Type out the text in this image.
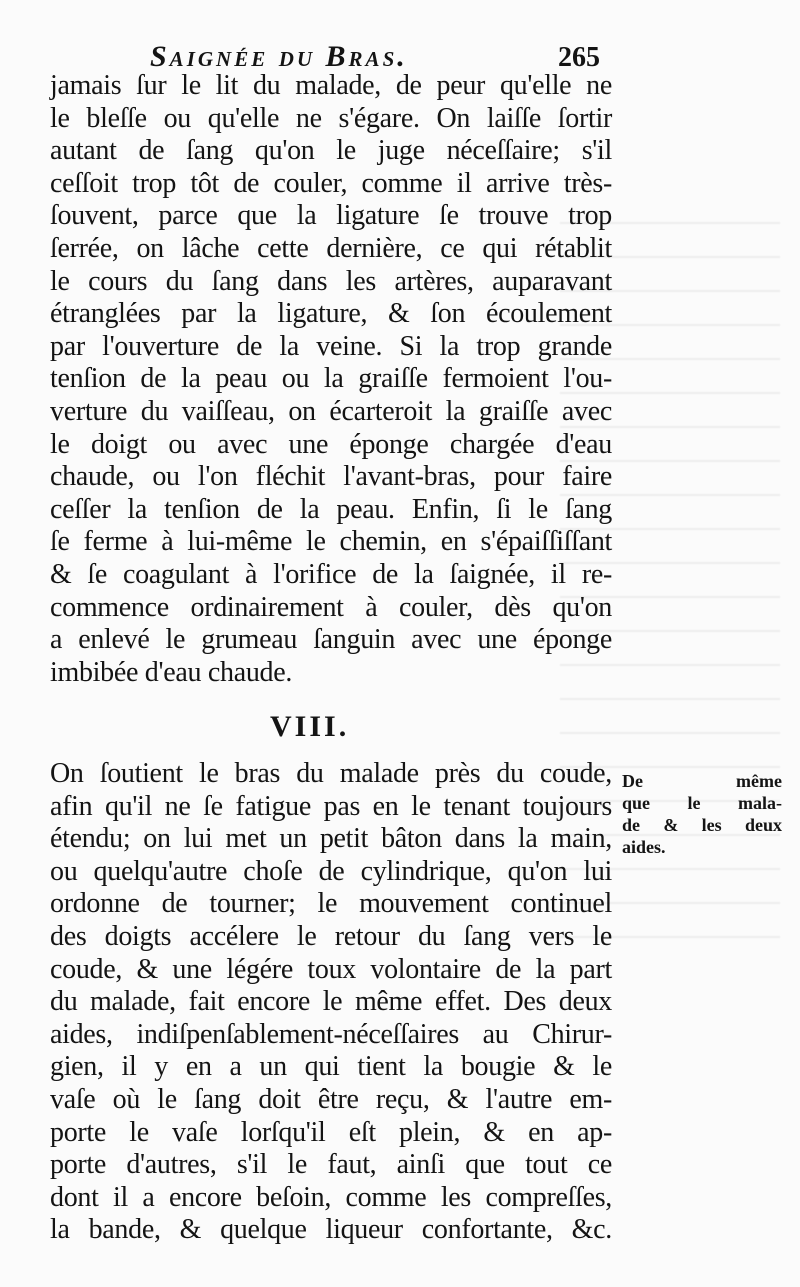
Saignée du Bras.	265
jamais ſur le lit du malade, de peur qu'elle ne
le bleſſe ou qu'elle ne s'égare. On laiſſe ſortir
autant de ſang qu'on le juge néceſſaire; s'il
ceſſoit trop tôt de couler, comme il arrive très-
ſouvent, parce que la ligature ſe trouve trop
ſerrée, on lâche cette dernière, ce qui rétablit
le cours du ſang dans les artères, auparavant
étranglées par la ligature, & ſon écoulement
par l'ouverture de la veine. Si la trop grande
tenſion de la peau ou la graiſſe fermoient l'ou-
verture du vaiſſeau, on écarteroit la graiſſe avec
le doigt ou avec une éponge chargée d'eau
chaude, ou l'on fléchit l'avant-bras, pour faire
ceſſer la tenſion de la peau. Enfin, ſi le ſang
ſe ferme à lui-même le chemin, en s'épaiſſiſſant
& ſe coagulant à l'orifice de la ſaignée, il re-
commence ordinairement à couler, dès qu'on
a enlevé le grumeau ſanguin avec une éponge
imbibée d'eau chaude.
VIII.
On ſoutient le bras du malade près du coude,
afin qu'il ne ſe fatigue pas en le tenant toujours
étendu; on lui met un petit bâton dans la main,
ou quelqu'autre choſe de cylindrique, qu'on lui
ordonne de tourner; le mouvement continuel
des doigts accélere le retour du ſang vers le
coude, & une légére toux volontaire de la part
du malade, fait encore le même effet. Des deux
aides, indiſpenſablement-néceſſaires au Chirur-
gien, il y en a un qui tient la bougie & le
vaſe où le ſang doit être reçu, & l'autre em-
porte le vaſe lorſqu'il eſt plein, & en ap-
porte d'autres, s'il le faut, ainſi que tout ce
dont il a encore beſoin, comme les compreſſes,
la bande, & quelque liqueur confortante, &c.
De même
que le mala-
de & les deux
aides.
